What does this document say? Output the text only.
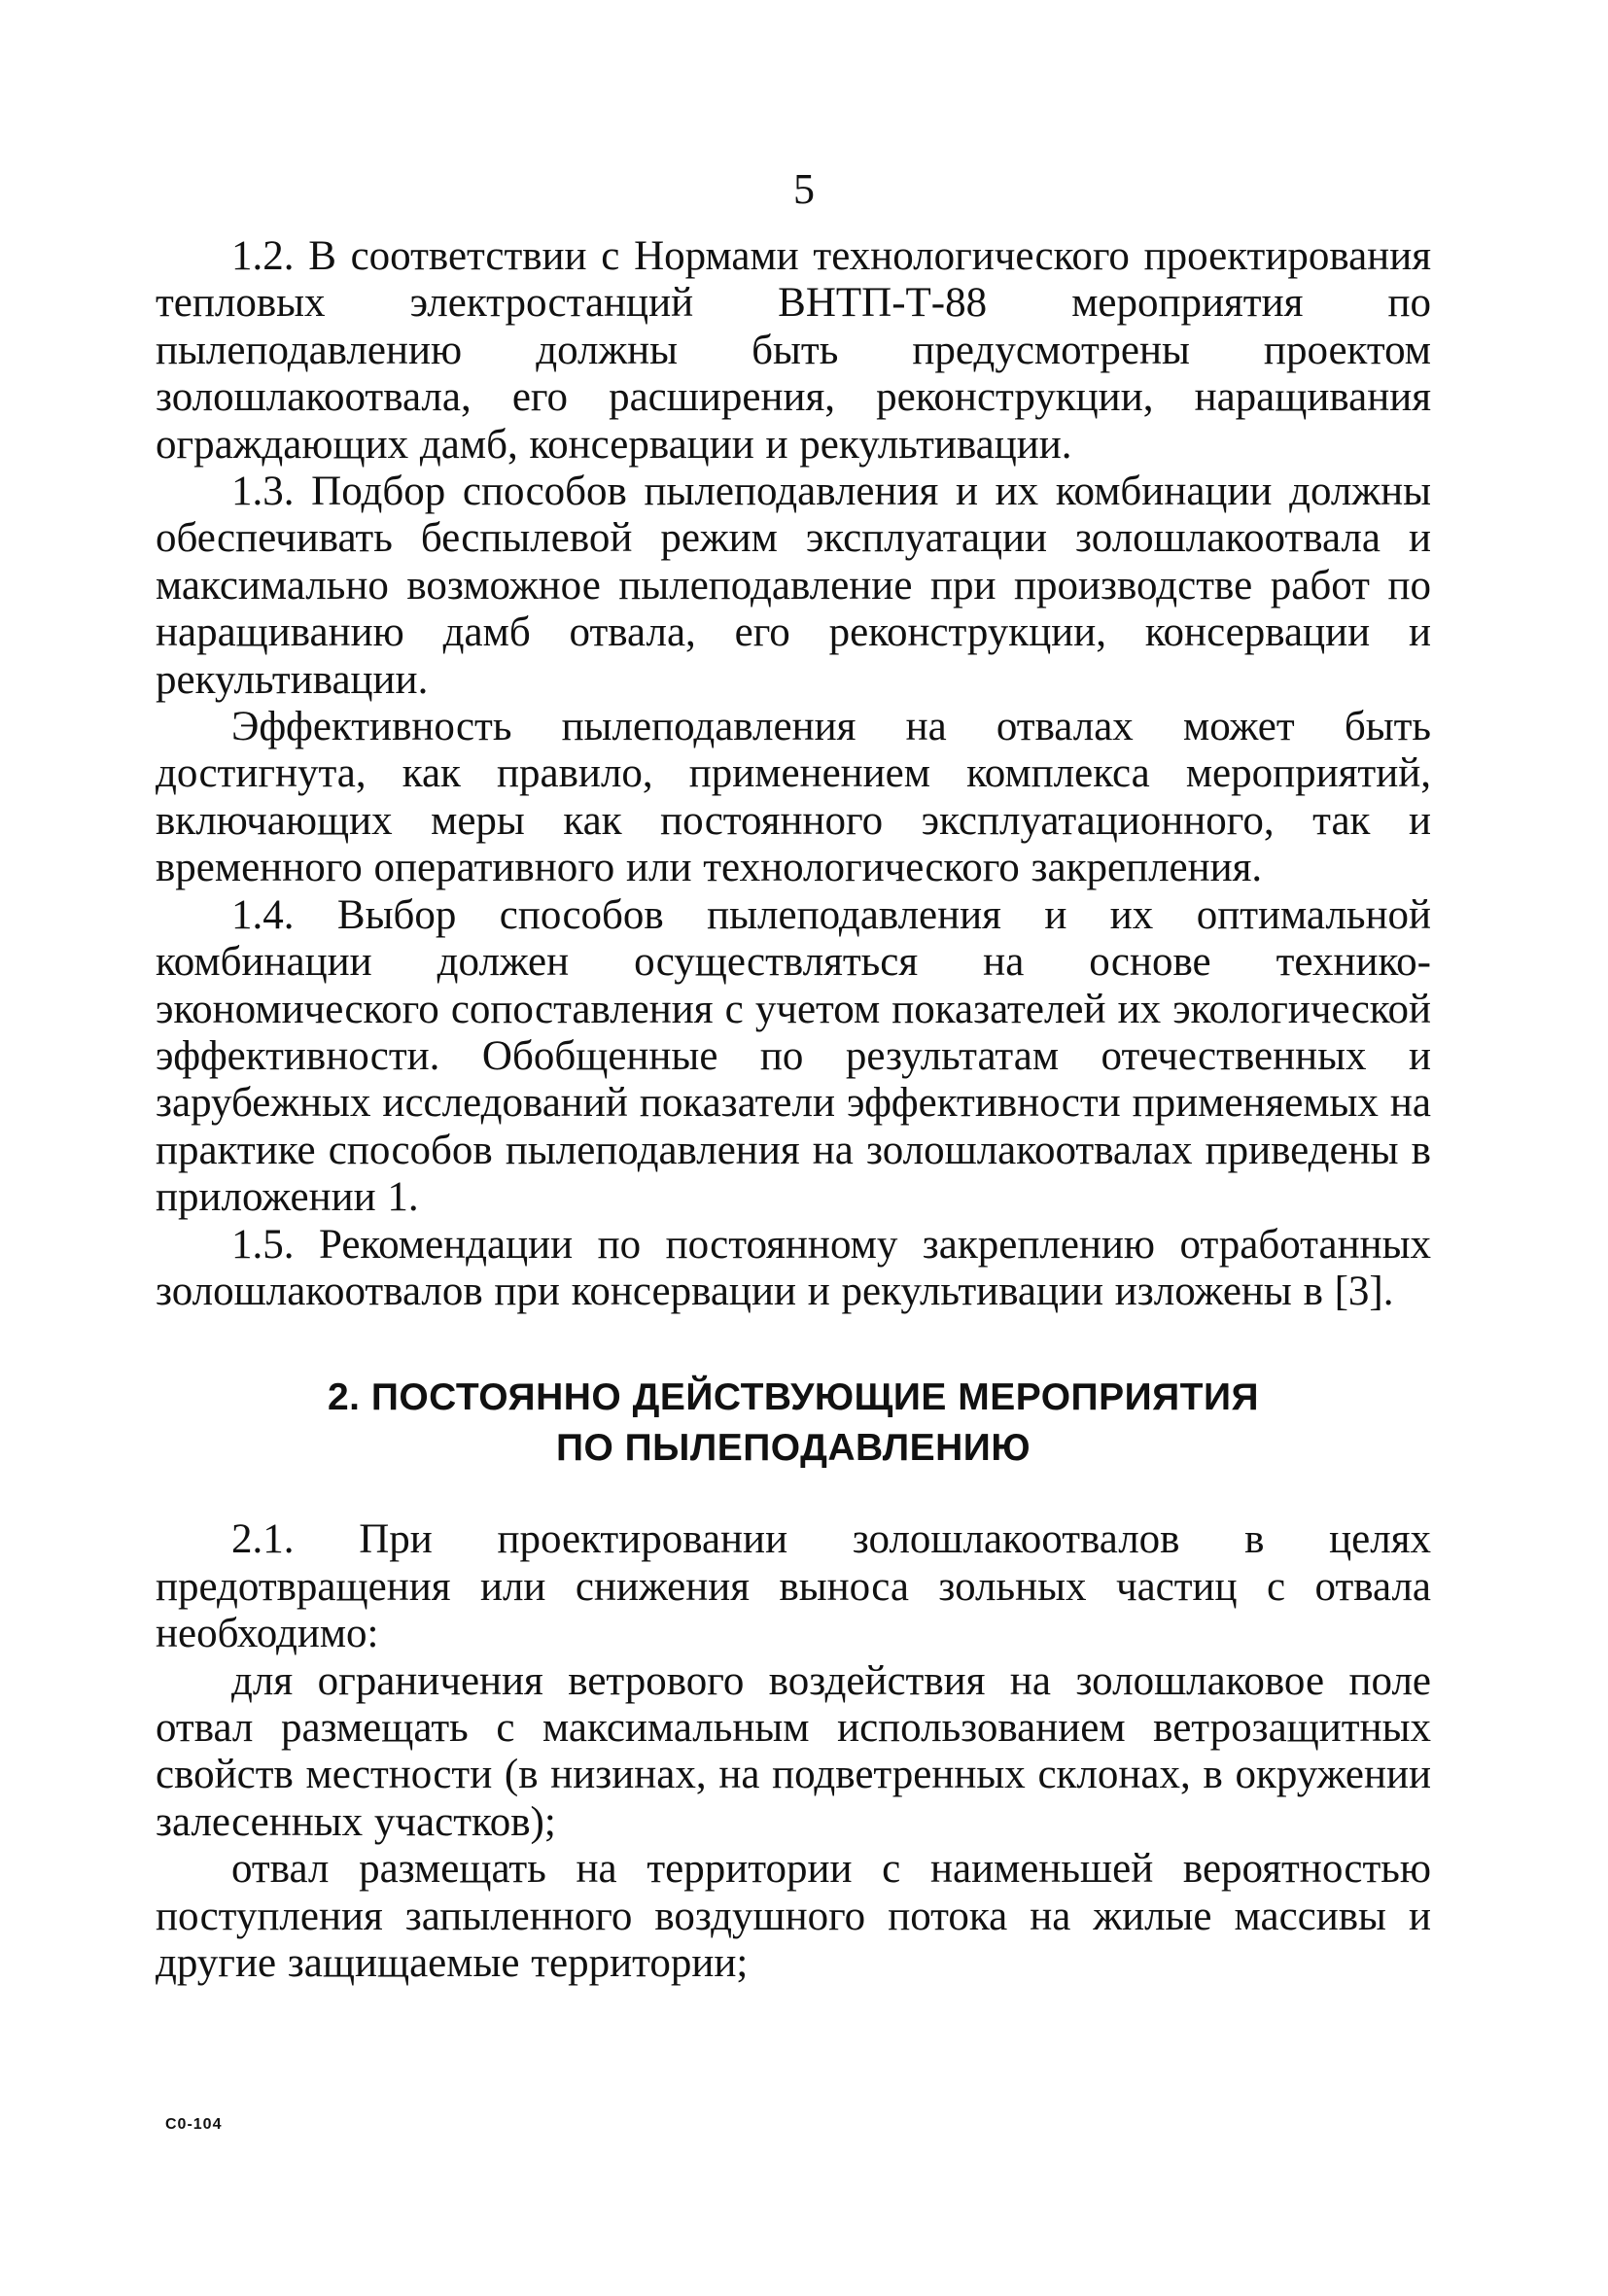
5

1.2. В соответствии с Нормами технологического проектирования тепловых электростанций ВНТП-Т-88 мероприятия по пылеподавлению должны быть предусмотрены проектом золошлакоотвала, его расширения, реконструкции, наращивания ограждающих дамб, консервации и рекультивации.

1.3. Подбор способов пылеподавления и их комбинации должны обеспечивать беспылевой режим эксплуатации золошлакоотвала и максимально возможное пылеподавление при производстве работ по наращиванию дамб отвала, его реконструкции, консервации и рекультивации.

Эффективность пылеподавления на отвалах может быть достигнута, как правило, применением комплекса мероприятий, включающих меры как постоянного эксплуатационного, так и временного оперативного или технологического закрепления.

1.4. Выбор способов пылеподавления и их оптимальной комбинации должен осуществляться на основе технико-экономического сопоставления с учетом показателей их экологической эффективности. Обобщенные по результатам отечественных и зарубежных исследований показатели эффективности применяемых на практике способов пылеподавления на золошлакоотвалах приведены в приложении 1.

1.5. Рекомендации по постоянному закреплению отработанных золошлакоотвалов при консервации и рекультивации изложены в [3].

2. ПОСТОЯННО ДЕЙСТВУЮЩИЕ МЕРОПРИЯТИЯ
ПО ПЫЛЕПОДАВЛЕНИЮ

2.1. При проектировании золошлакоотвалов в целях предотвращения или снижения выноса зольных частиц с отвала необходимо:

для ограничения ветрового воздействия на золошлаковое поле отвал размещать с максимальным использованием ветрозащитных свойств местности (в низинах, на подветренных склонах, в окружении залесенных участков);

отвал размещать на территории с наименьшей вероятностью поступления запыленного воздушного потока на жилые массивы и другие защищаемые территории;

С0-104
